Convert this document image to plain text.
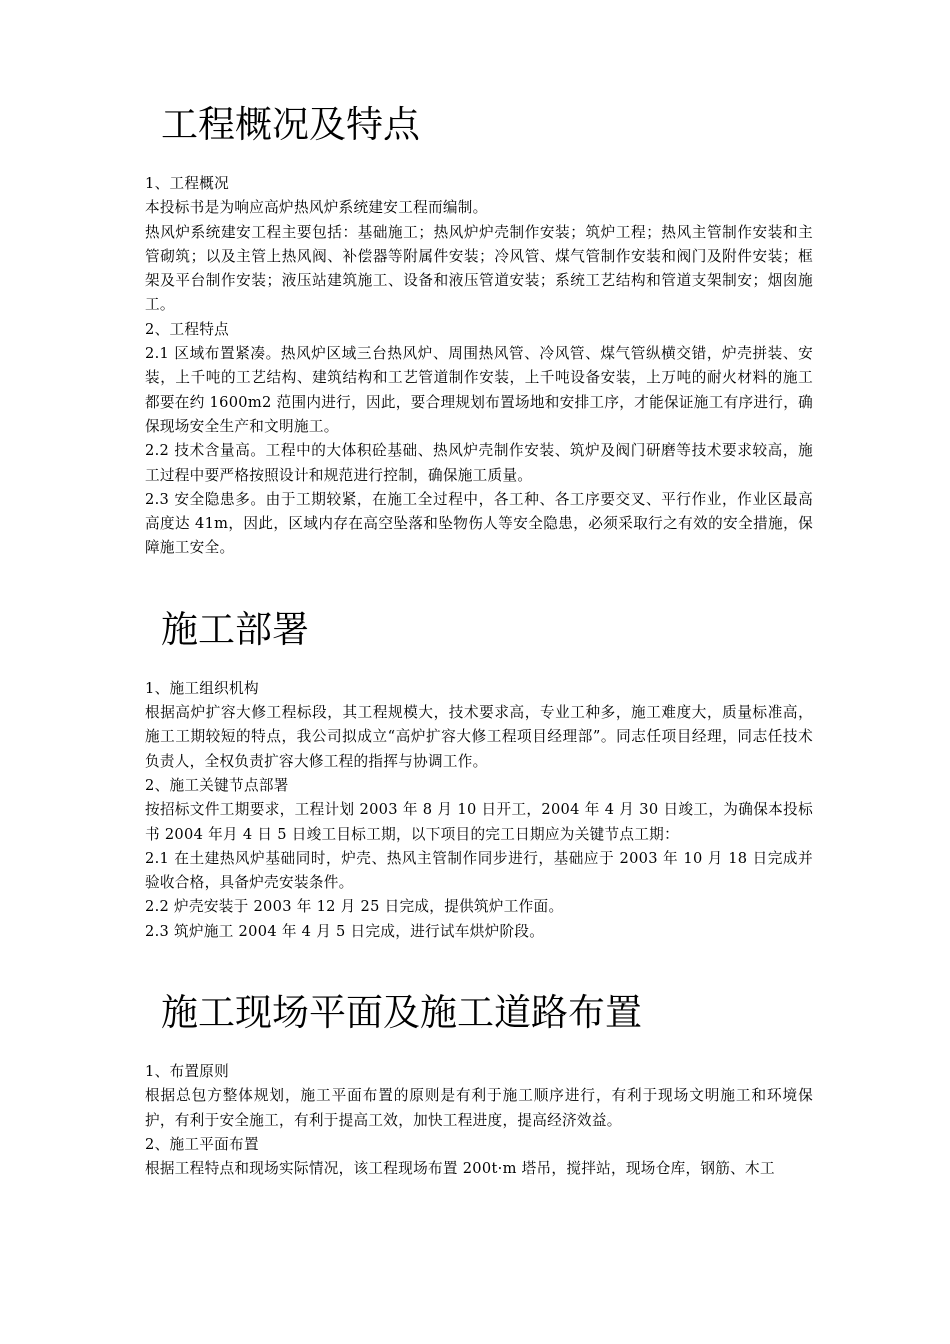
工程概况及特点

1、工程概况

本投标书是为响应高炉热风炉系统建安工程而编制。

热风炉系统建安工程主要包括：基础施工；热风炉炉壳制作安装；筑炉工程；热风主管制作安装和主管砌筑；以及主管上热风阀、补偿器等附属件安装；冷风管、煤气管制作安装和阀门及附件安装；框架及平台制作安装；液压站建筑施工、设备和液压管道安装；系统工艺结构和管道支架制安；烟囱施工。

2、工程特点

2.1 区域布置紧凑。热风炉区域三台热风炉、周围热风管、冷风管、煤气管纵横交错，炉壳拼装、安装，上千吨的工艺结构、建筑结构和工艺管道制作安装，上千吨设备安装，上万吨的耐火材料的施工都要在约 1600m2 范围内进行，因此，要合理规划布置场地和安排工序，才能保证施工有序进行，确保现场安全生产和文明施工。

2.2 技术含量高。工程中的大体积砼基础、热风炉壳制作安装、筑炉及阀门研磨等技术要求较高，施工过程中要严格按照设计和规范进行控制，确保施工质量。

2.3 安全隐患多。由于工期较紧，在施工全过程中，各工种、各工序要交叉、平行作业，作业区最高高度达 41m，因此，区域内存在高空坠落和坠物伤人等安全隐患，必须采取行之有效的安全措施，保障施工安全。

施工部署

1、施工组织机构

根据高炉扩容大修工程标段，其工程规模大，技术要求高，专业工种多，施工难度大，质量标准高，施工工期较短的特点，我公司拟成立“高炉扩容大修工程项目经理部”。同志任项目经理，同志任技术负责人，全权负责扩容大修工程的指挥与协调工作。

2、施工关键节点部署

按招标文件工期要求，工程计划 2003 年 8 月 10 日开工，2004 年 4 月 30 日竣工，为确保本投标书 2004 年月 4 日 5 日竣工目标工期，以下项目的完工日期应为关键节点工期：

2.1 在土建热风炉基础同时，炉壳、热风主管制作同步进行，基础应于 2003 年 10 月 18 日完成并验收合格，具备炉壳安装条件。

2.2 炉壳安装于 2003 年 12 月 25 日完成，提供筑炉工作面。

2.3 筑炉施工 2004 年 4 月 5 日完成，进行试车烘炉阶段。

施工现场平面及施工道路布置

1、布置原则

根据总包方整体规划，施工平面布置的原则是有利于施工顺序进行，有利于现场文明施工和环境保护，有利于安全施工，有利于提高工效，加快工程进度，提高经济效益。

2、施工平面布置

根据工程特点和现场实际情况，该工程现场布置 200t·m 塔吊，搅拌站，现场仓库，钢筋、木工
